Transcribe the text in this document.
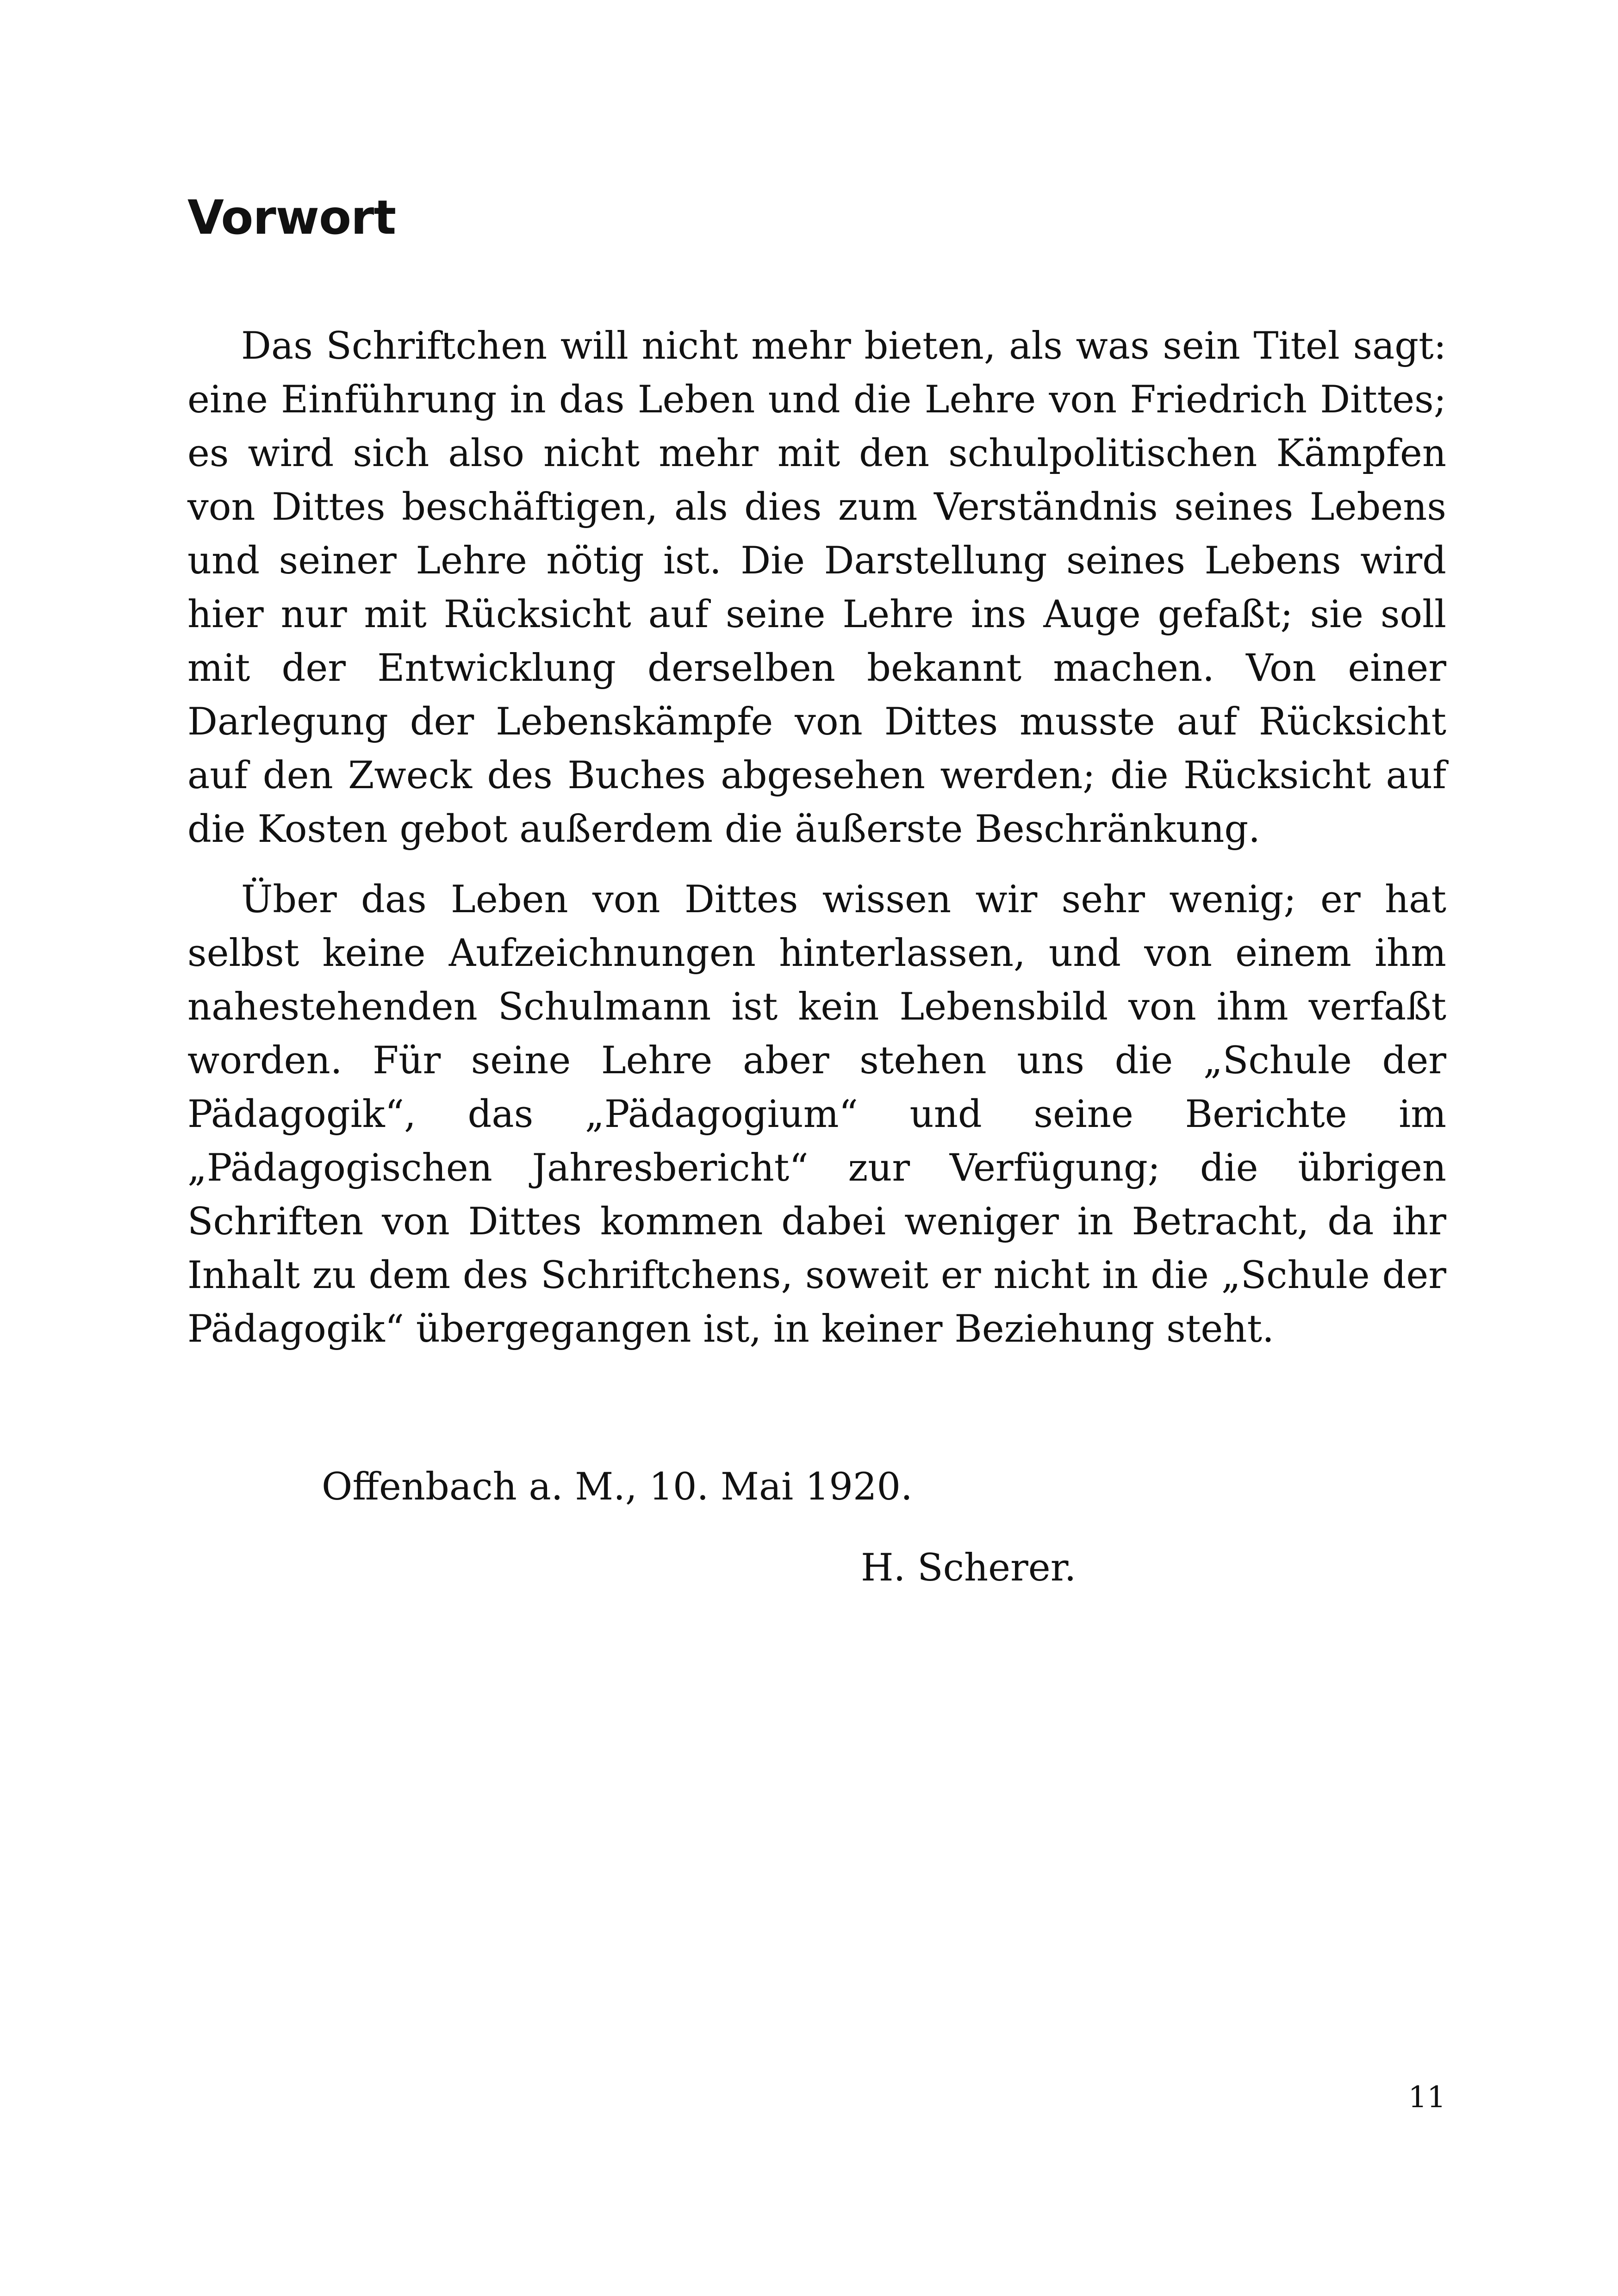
Vorwort

Das Schriftchen will nicht mehr bieten, als was sein Titel sagt: eine Einführung in das Leben und die Lehre von Friedrich Dittes; es wird sich also nicht mehr mit den schulpolitischen Kämpfen von Dittes beschäftigen, als dies zum Verständnis seines Lebens und seiner Lehre nötig ist. Die Darstellung seines Lebens wird hier nur mit Rücksicht auf seine Lehre ins Auge gefaßt; sie soll mit der Entwicklung derselben bekannt machen. Von einer Darlegung der Lebenskämpfe von Dittes musste auf Rücksicht auf den Zweck des Buches abgesehen werden; die Rücksicht auf die Kosten gebot außerdem die äußerste Beschränkung.

Über das Leben von Dittes wissen wir sehr wenig; er hat selbst keine Aufzeichnungen hinterlassen, und von einem ihm nahestehenden Schulmann ist kein Lebensbild von ihm verfaßt worden. Für seine Lehre aber stehen uns die „Schule der Pädagogik“, das „Pädagogium“ und seine Berichte im „Pädagogischen Jahresbericht“ zur Verfügung; die übrigen Schriften von Dittes kommen dabei weniger in Betracht, da ihr Inhalt zu dem des Schriftchens, soweit er nicht in die „Schule der Pädagogik“ übergegangen ist, in keiner Beziehung steht.

Offenbach a. M., 10. Mai 1920.

H. Scherer.

11
